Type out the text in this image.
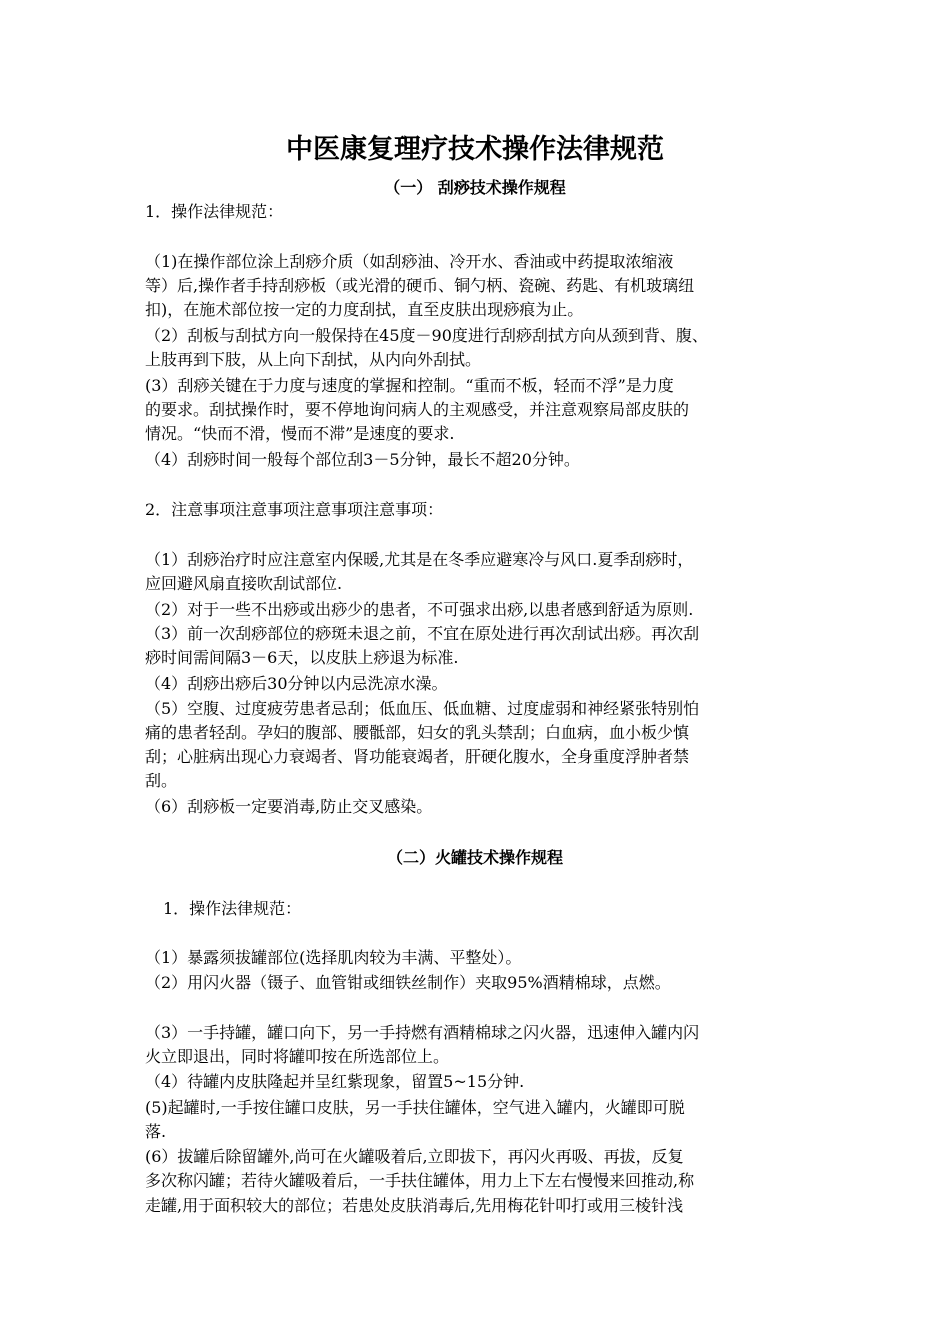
中医康复理疗技术操作法律规范
（一） 刮痧技术操作规程
1．操作法律规范：
（1)在操作部位涂上刮痧介质（如刮痧油、冷开水、香油或中药提取浓缩液
等）后,操作者手持刮痧板（或光滑的硬币、铜勺柄、瓷碗、药匙、有机玻璃纽
扣)，在施术部位按一定的力度刮拭，直至皮肤出现痧痕为止。
（2）刮板与刮拭方向一般保持在45度－90度进行刮痧刮拭方向从颈到背、腹、
上肢再到下肢，从上向下刮拭，从内向外刮拭。
(3）刮痧关键在于力度与速度的掌握和控制。“重而不板，轻而不浮”是力度
的要求。刮拭操作时，要不停地询问病人的主观感受，并注意观察局部皮肤的
情况。“快而不滑，慢而不滞”是速度的要求.
（4）刮痧时间一般每个部位刮3－5分钟，最长不超20分钟。
2．注意事项注意事项注意事项注意事项：
（1）刮痧治疗时应注意室内保暖,尤其是在冬季应避寒冷与风口.夏季刮痧时，
应回避风扇直接吹刮试部位.
（2）对于一些不出痧或出痧少的患者，不可强求出痧,以患者感到舒适为原则.
（3）前一次刮痧部位的痧斑未退之前，不宜在原处进行再次刮试出痧。再次刮
痧时间需间隔3－6天，以皮肤上痧退为标准.
（4）刮痧出痧后30分钟以内忌洗凉水澡。
（5）空腹、过度疲劳患者忌刮；低血压、低血糖、过度虚弱和神经紧张特别怕
痛的患者轻刮。孕妇的腹部、腰骶部，妇女的乳头禁刮；白血病，血小板少慎
刮；心脏病出现心力衰竭者、肾功能衰竭者，肝硬化腹水，全身重度浮肿者禁
刮。
（6）刮痧板一定要消毒,防止交叉感染。
（二）火罐技术操作规程
1．操作法律规范：
（1）暴露须拔罐部位(选择肌肉较为丰满、平整处）。
（2）用闪火器（镊子、血管钳或细铁丝制作）夹取95%酒精棉球，点燃。
（3）一手持罐，罐口向下，另一手持燃有酒精棉球之闪火器，迅速伸入罐内闪
火立即退出，同时将罐叩按在所选部位上。
（4）待罐内皮肤隆起并呈红紫现象，留置5~15分钟.
(5)起罐时,一手按住罐口皮肤，另一手扶住罐体，空气进入罐内，火罐即可脱
落.
(6）拔罐后除留罐外,尚可在火罐吸着后,立即拔下，再闪火再吸、再拔，反复
多次称闪罐；若待火罐吸着后，一手扶住罐体，用力上下左右慢慢来回推动,称
走罐,用于面积较大的部位；若患处皮肤消毒后,先用梅花针叩打或用三棱针浅
